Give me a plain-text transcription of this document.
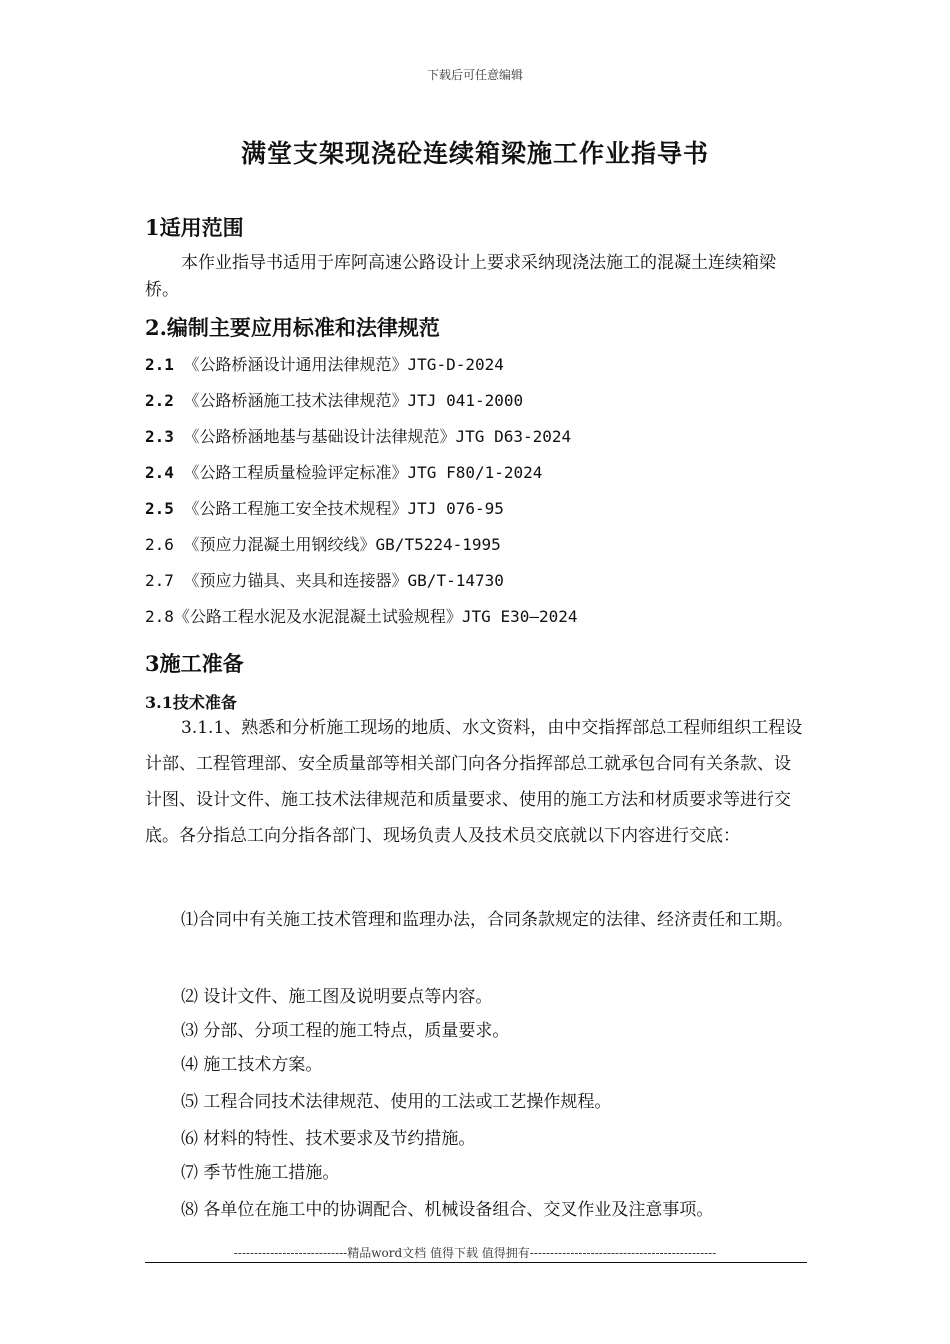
下载后可任意编辑
满堂支架现浇砼连续箱梁施工作业指导书
1适用范围
本作业指导书适用于库阿高速公路设计上要求采纳现浇法施工的混凝土连续箱梁桥。
2.编制主要应用标准和法律规范
2.1 《公路桥涵设计通用法律规范》JTG-D-2024
2.2 《公路桥涵施工技术法律规范》JTJ 041-2000
2.3 《公路桥涵地基与基础设计法律规范》JTG D63-2024
2.4 《公路工程质量检验评定标准》JTG F80/1-2024
2.5 《公路工程施工安全技术规程》JTJ 076-95
2.6 《预应力混凝土用钢绞线》GB/T5224-1995
2.7 《预应力锚具、夹具和连接器》GB/T-14730
2.8《公路工程水泥及水泥混凝土试验规程》JTG E30—2024
3施工准备
3.1技术准备
3.1.1、熟悉和分析施工现场的地质、水文资料，由中交指挥部总工程师组织工程设计部、工程管理部、安全质量部等相关部门向各分指挥部总工就承包合同有关条款、设计图、设计文件、施工技术法律规范和质量要求、使用的施工方法和材质要求等进行交底。各分指总工向分指各部门、现场负责人及技术员交底就以下内容进行交底：
⑴合同中有关施工技术管理和监理办法，合同条款规定的法律、经济责任和工期。
⑵ 设计文件、施工图及说明要点等内容。
⑶ 分部、分项工程的施工特点，质量要求。
⑷ 施工技术方案。
⑸ 工程合同技术法律规范、使用的工法或工艺操作规程。
⑹ 材料的特性、技术要求及节约措施。
⑺ 季节性施工措施。
⑻ 各单位在施工中的协调配合、机械设备组合、交叉作业及注意事项。
----------------------------精品word文档 值得下载 值得拥有----------------------------------------------
